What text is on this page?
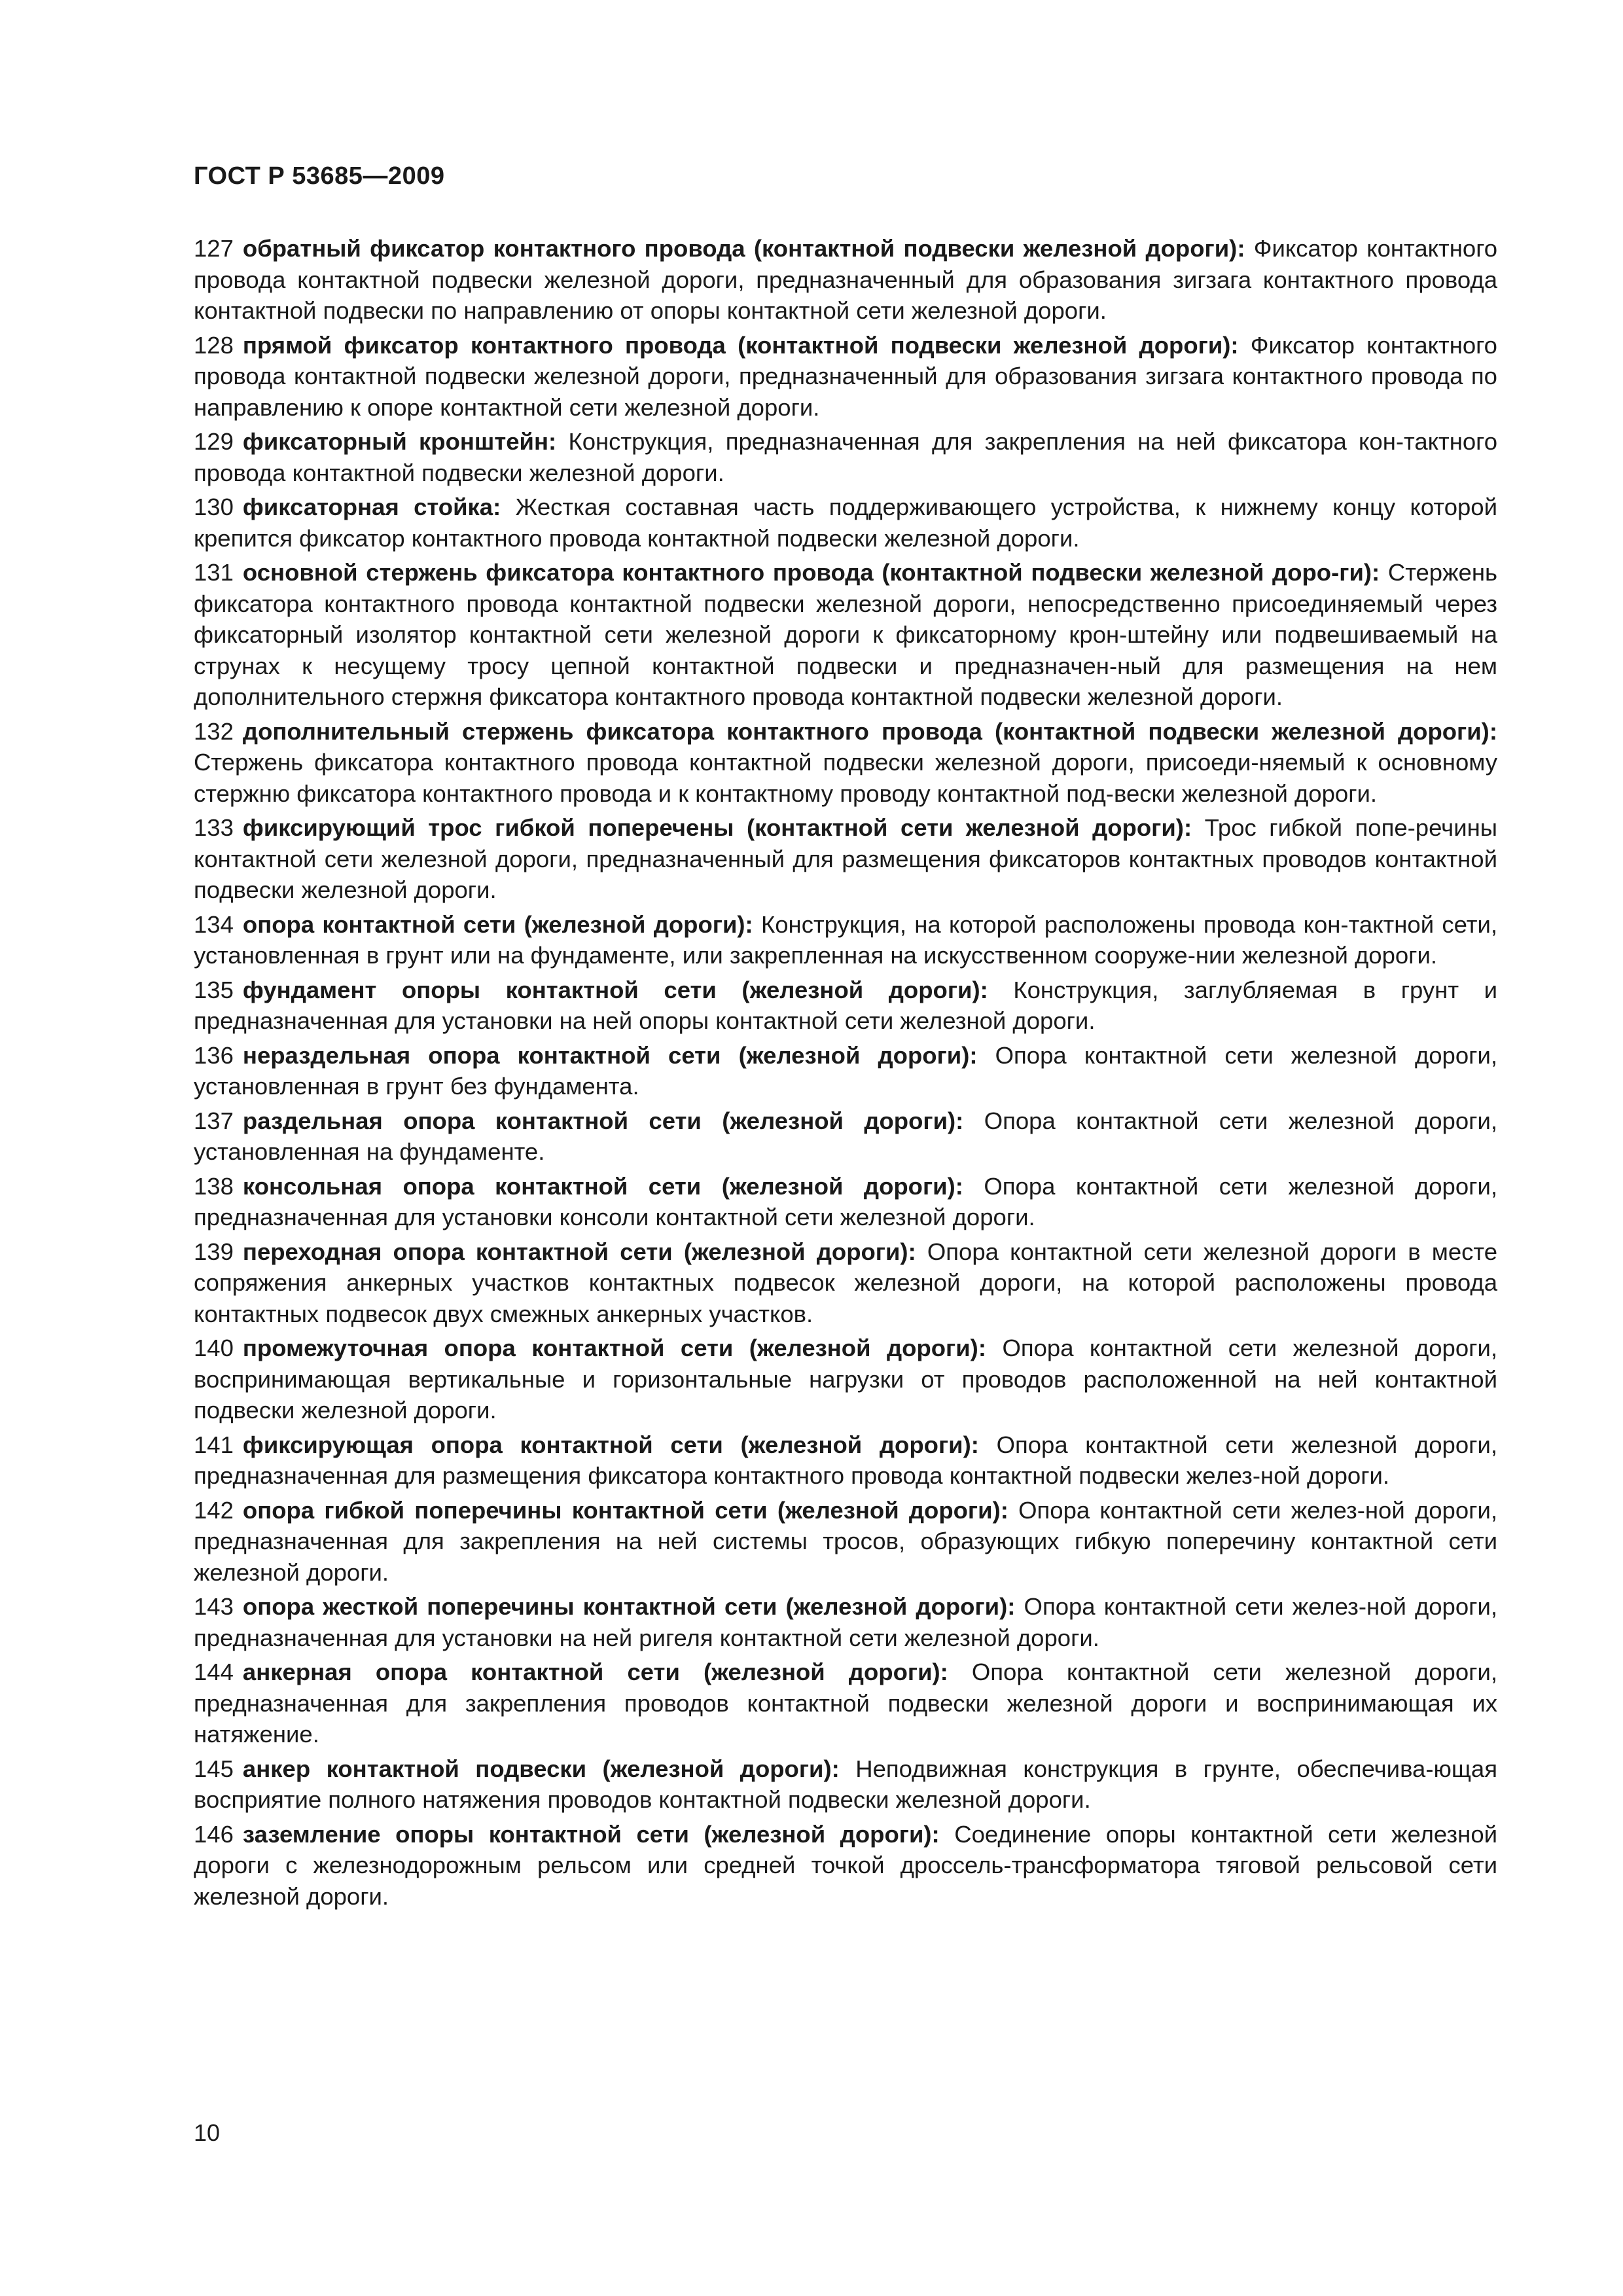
ГОСТ Р 53685—2009

127 обратный фиксатор контактного провода (контактной подвески железной дороги): Фиксатор контактного провода контактной подвески железной дороги, предназначенный для образования зигзага контактного провода контактной подвески по направлению от опоры контактной сети железной дороги.

128 прямой фиксатор контактного провода (контактной подвески железной дороги): Фиксатор контактного провода контактной подвески железной дороги, предназначенный для образования зигзага контактного провода по направлению к опоре контактной сети железной дороги.

129 фиксаторный кронштейн: Конструкция, предназначенная для закрепления на ней фиксатора кон-тактного провода контактной подвески железной дороги.

130 фиксаторная стойка: Жесткая составная часть поддерживающего устройства, к нижнему концу которой крепится фиксатор контактного провода контактной подвески железной дороги.

131 основной стержень фиксатора контактного провода (контактной подвески железной доро-ги): Стержень фиксатора контактного провода контактной подвески железной дороги, непосредственно присоединяемый через фиксаторный изолятор контактной сети железной дороги к фиксаторному крон-штейну или подвешиваемый на струнах к несущему тросу цепной контактной подвески и предназначен-ный для размещения на нем дополнительного стержня фиксатора контактного провода контактной подвески железной дороги.

132 дополнительный стержень фиксатора контактного провода (контактной подвески железной дороги): Стержень фиксатора контактного провода контактной подвески железной дороги, присоеди-няемый к основному стержню фиксатора контактного провода и к контактному проводу контактной под-вески железной дороги.

133 фиксирующий трос гибкой поперечены (контактной сети железной дороги): Трос гибкой попе-речины контактной сети железной дороги, предназначенный для размещения фиксаторов контактных проводов контактной подвески железной дороги.

134 опора контактной сети (железной дороги): Конструкция, на которой расположены провода кон-тактной сети, установленная в грунт или на фундаменте, или закрепленная на искусственном сооруже-нии железной дороги.

135 фундамент опоры контактной сети (железной дороги): Конструкция, заглубляемая в грунт и предназначенная для установки на ней опоры контактной сети железной дороги.

136 нераздельная опора контактной сети (железной дороги): Опора контактной сети железной дороги, установленная в грунт без фундамента.

137 раздельная опора контактной сети (железной дороги): Опора контактной сети железной дороги, установленная на фундаменте.

138 консольная опора контактной сети (железной дороги): Опора контактной сети железной дороги, предназначенная для установки консоли контактной сети железной дороги.

139 переходная опора контактной сети (железной дороги): Опора контактной сети железной дороги в месте сопряжения анкерных участков контактных подвесок железной дороги, на которой расположены провода контактных подвесок двух смежных анкерных участков.

140 промежуточная опора контактной сети (железной дороги): Опора контактной сети железной дороги, воспринимающая вертикальные и горизонтальные нагрузки от проводов расположенной на ней контактной подвески железной дороги.

141 фиксирующая опора контактной сети (железной дороги): Опора контактной сети железной дороги, предназначенная для размещения фиксатора контактного провода контактной подвески желез-ной дороги.

142 опора гибкой поперечины контактной сети (железной дороги): Опора контактной сети желез-ной дороги, предназначенная для закрепления на ней системы тросов, образующих гибкую поперечину контактной сети железной дороги.

143 опора жесткой поперечины контактной сети (железной дороги): Опора контактной сети желез-ной дороги, предназначенная для установки на ней ригеля контактной сети железной дороги.

144 анкерная опора контактной сети (железной дороги): Опора контактной сети железной дороги, предназначенная для закрепления проводов контактной подвески железной дороги и воспринимающая их натяжение.

145 анкер контактной подвески (железной дороги): Неподвижная конструкция в грунте, обеспечива-ющая восприятие полного натяжения проводов контактной подвески железной дороги.

146 заземление опоры контактной сети (железной дороги): Соединение опоры контактной сети железной дороги с железнодорожным рельсом или средней точкой дроссель-трансформатора тяговой рельсовой сети железной дороги.

10
